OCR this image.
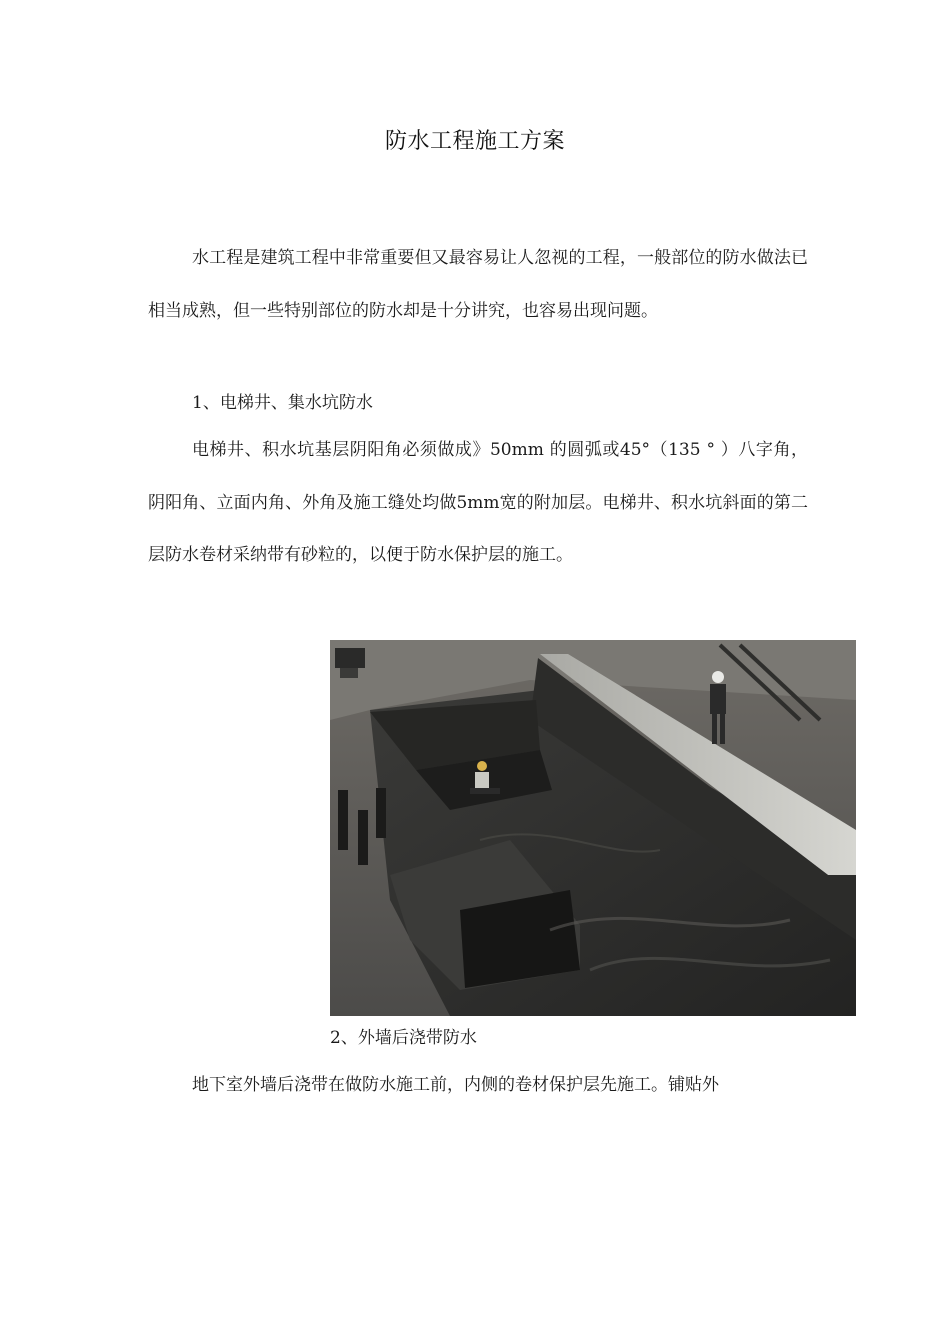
防水工程施工方案

水工程是建筑工程中非常重要但又最容易让人忽视的工程，一般部位的防水做法已相当成熟，但一些特别部位的防水却是十分讲究，也容易出现问题。

1、电梯井、集水坑防水

电梯井、积水坑基层阴阳角必须做成》50mm 的圆弧或45°（135 ° ）八字角，阴阳角、立面内角、外角及施工缝处均做5mm宽的附加层。电梯井、积水坑斜面的第二层防水卷材采纳带有砂粒的，以便于防水保护层的施工。

2、外墙后浇带防水

地下室外墙后浇带在做防水施工前，内侧的卷材保护层先施工。铺贴外
